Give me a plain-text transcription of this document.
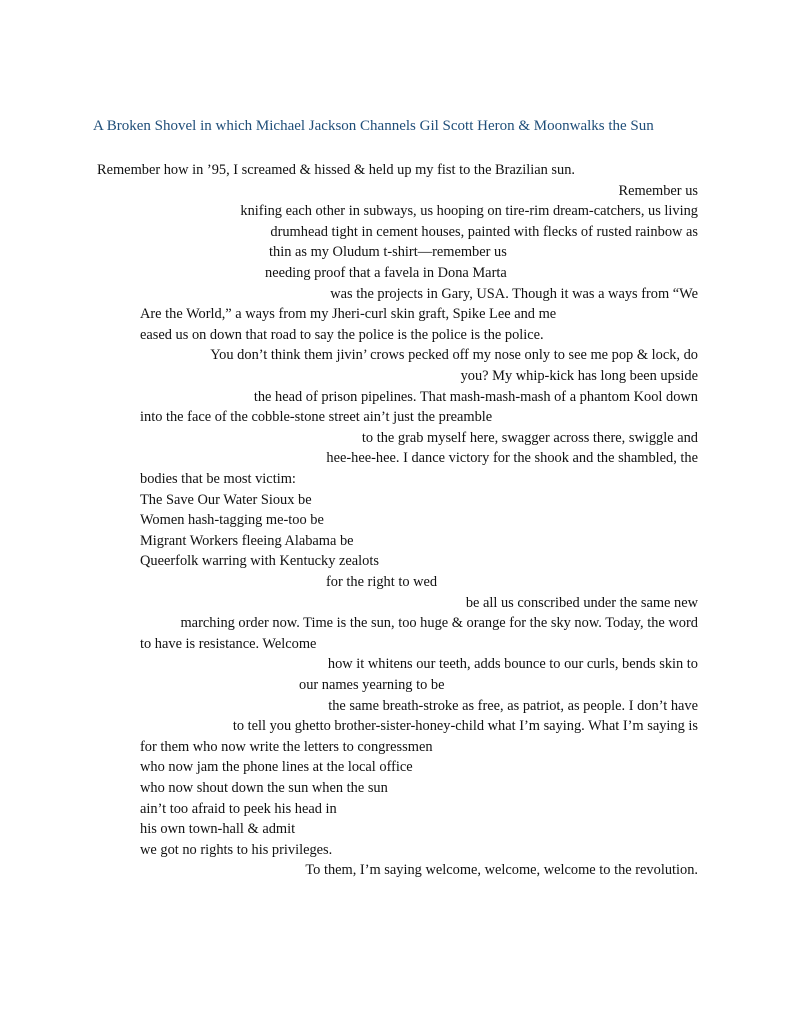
A Broken Shovel in which Michael Jackson Channels Gil Scott Heron & Moonwalks the Sun
Remember how in ’95, I screamed & hissed & held up my fist to the Brazilian sun.
Remember us
knifing each other in subways, us hooping on tire-rim dream-catchers, us living
drumhead tight in cement houses, painted with flecks of rusted rainbow as
thin as my Oludum t-shirt—remember us
needing proof that a favela in Dona Marta
was the projects in Gary, USA. Though it was a ways from “We
Are the World,” a ways from my Jheri-curl skin graft, Spike Lee and me
eased us on down that road to say the police is the police is the police.
You don’t think them jivin’ crows pecked off my nose only to see me pop & lock, do
you? My whip-kick has long been upside
the head of prison pipelines. That mash-mash-mash of a phantom Kool down
into the face of the cobble-stone street ain’t just the preamble
to the grab myself here, swagger across there, swiggle and
hee-hee-hee. I dance victory for the shook and the shambled, the
bodies that be most victim:
The Save Our Water Sioux be
Women hash-tagging me-too be
Migrant Workers fleeing Alabama be
Queerfolk warring with Kentucky zealots
for the right to wed
be all us conscribed under the same new
marching order now. Time is the sun, too huge & orange for the sky now. Today, the word
to have is resistance. Welcome
how it whitens our teeth, adds bounce to our curls, bends skin to
our names yearning to be
the same breath-stroke as free, as patriot, as people. I don’t have
to tell you ghetto brother-sister-honey-child what I’m saying. What I’m saying is
for them who now write the letters to congressmen
who now jam the phone lines at the local office
who now shout down the sun when the sun
ain’t too afraid to peek his head in
his own town-hall & admit
we got no rights to his privileges.
To them, I’m saying welcome, welcome, welcome to the revolution.
